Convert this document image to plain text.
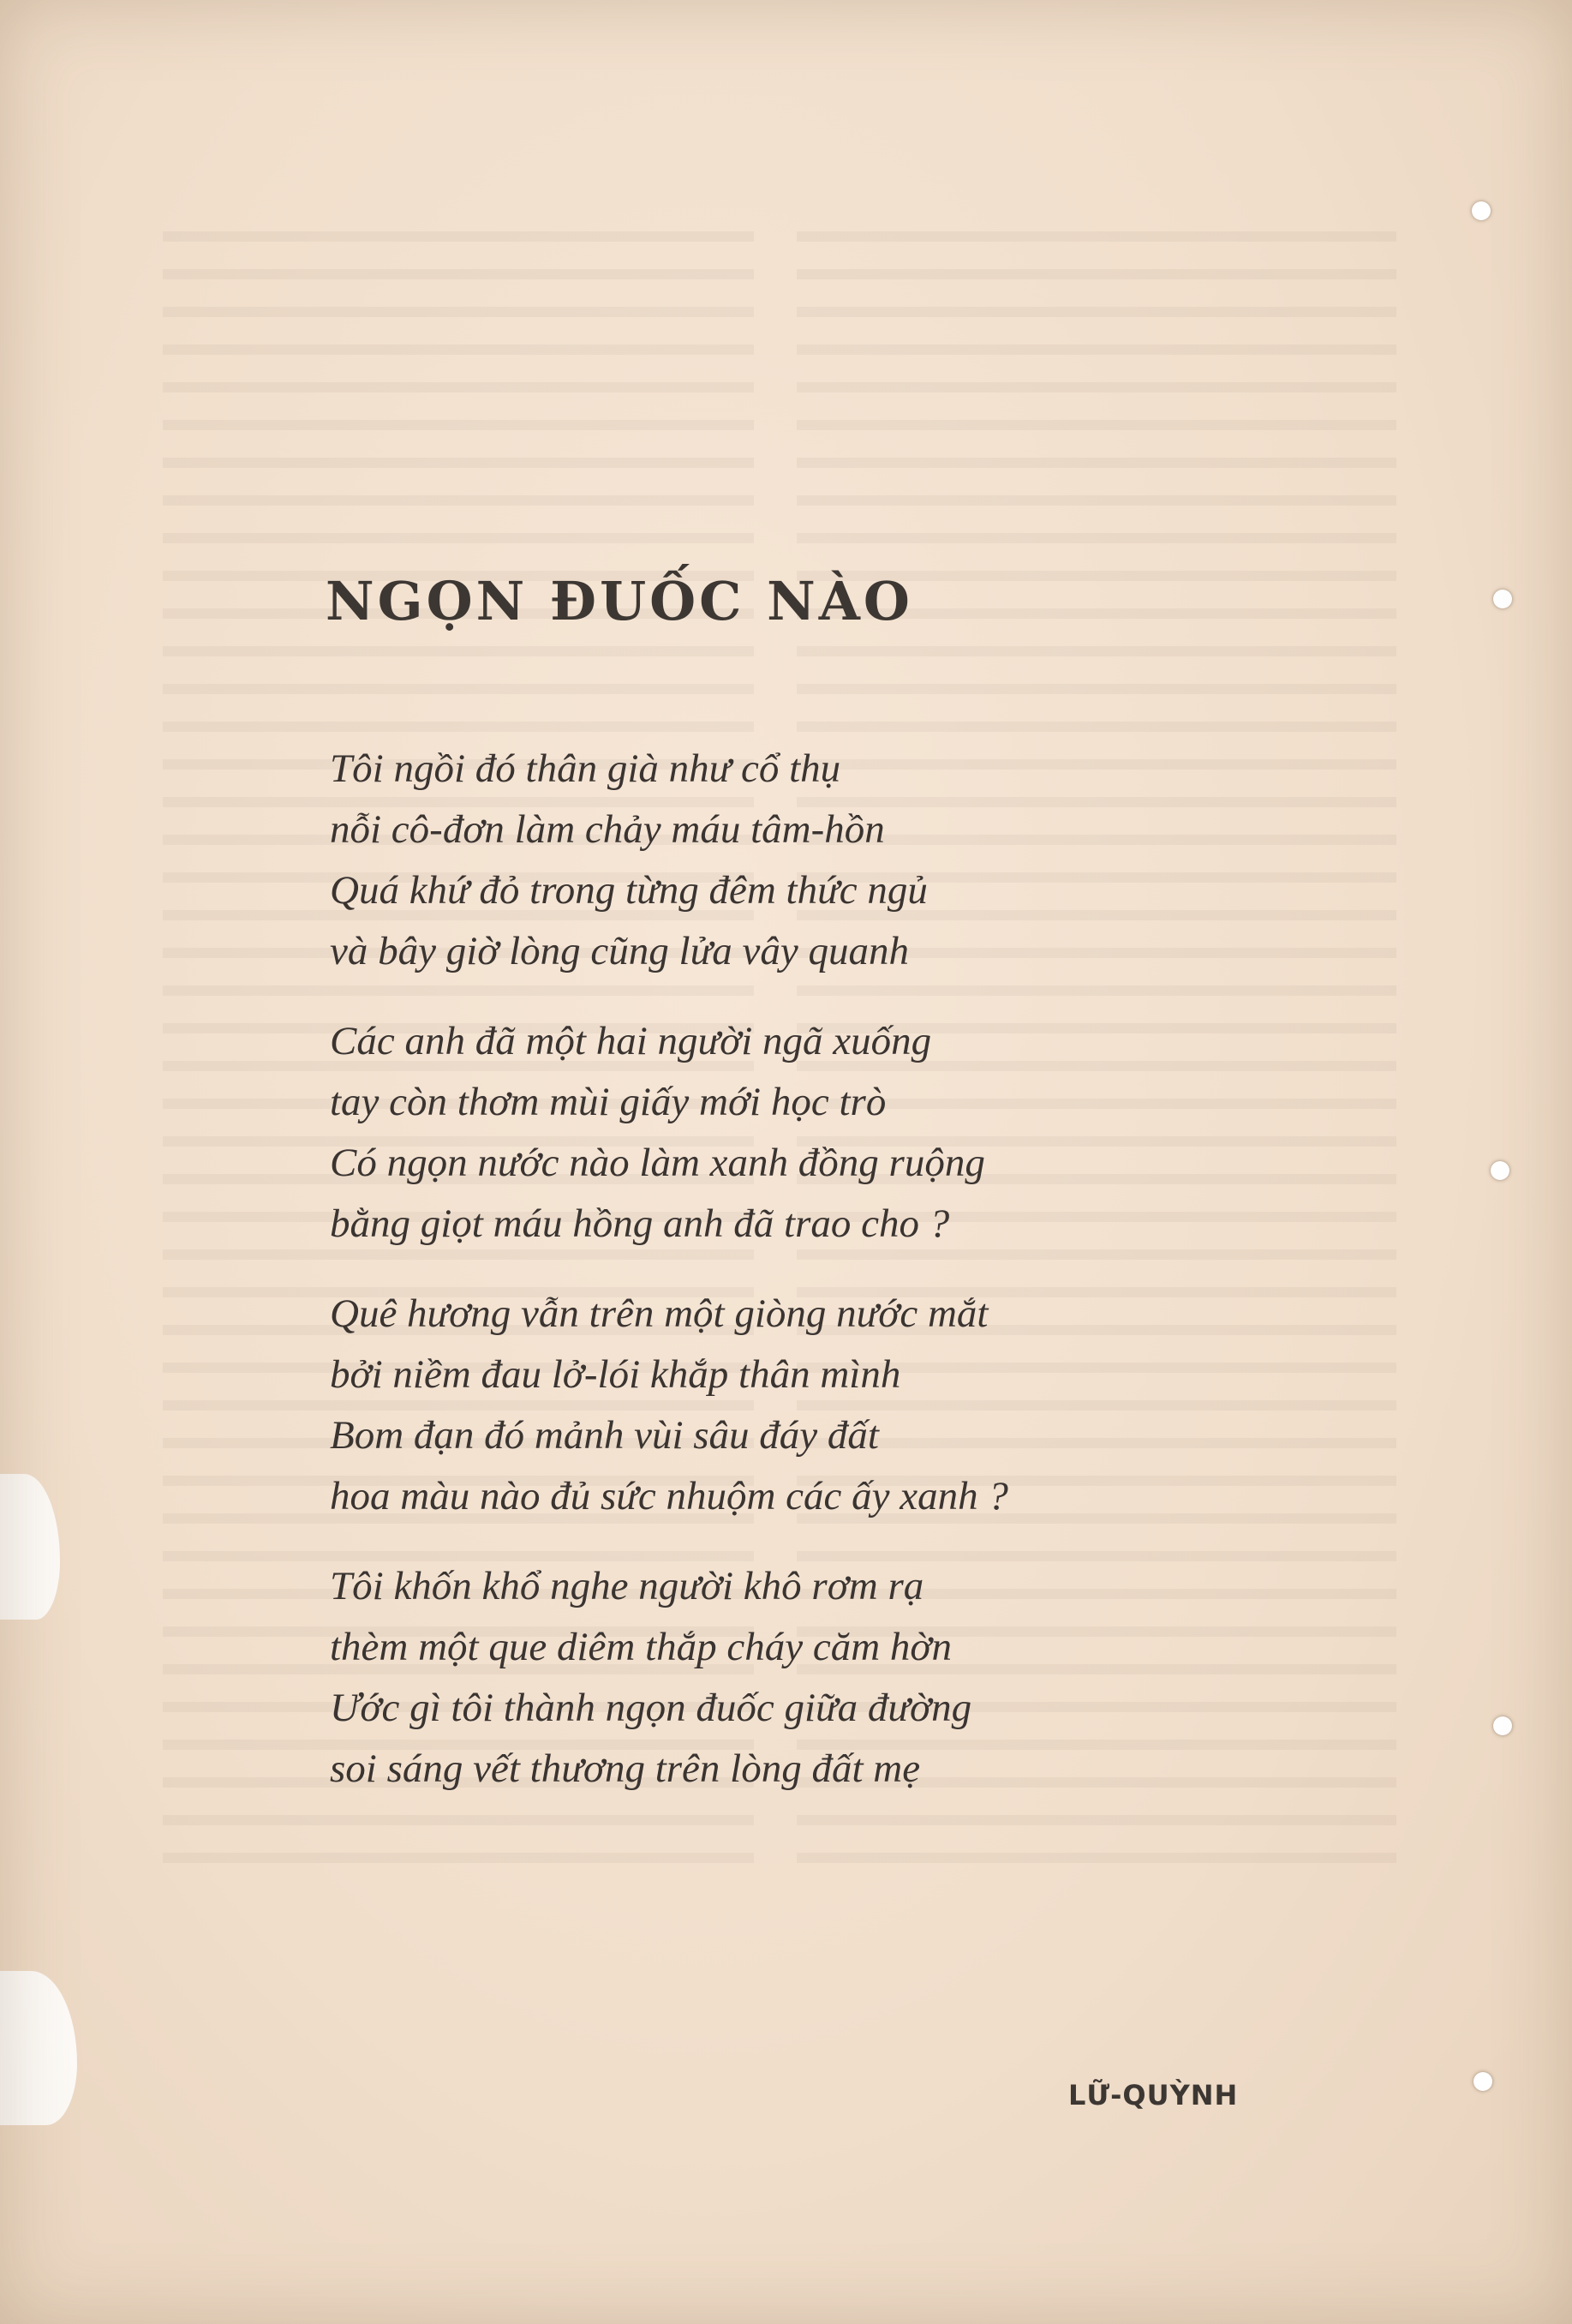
NGỌN ĐUỐC NÀO

Tôi ngồi đó thân già như cổ thụ
nỗi cô-đơn làm chảy máu tâm-hồn
Quá khứ đỏ trong từng đêm thức ngủ
và bây giờ lòng cũng lửa vây quanh

Các anh đã một hai người ngã xuống
tay còn thơm mùi giấy mới học trò
Có ngọn nước nào làm xanh đồng ruộng
bằng giọt máu hồng anh đã trao cho ?

Quê hương vẫn trên một giòng nước mắt
bởi niềm đau lở-lói khắp thân mình
Bom đạn đó mảnh vùi sâu đáy đất
hoa màu nào đủ sức nhuộm các ấy xanh ?

Tôi khốn khổ nghe người khô rơm rạ
thèm một que diêm thắp cháy căm hờn
Ước gì tôi thành ngọn đuốc giữa đường
soi sáng vết thương trên lòng đất mẹ

LỮ-QUỲNH
